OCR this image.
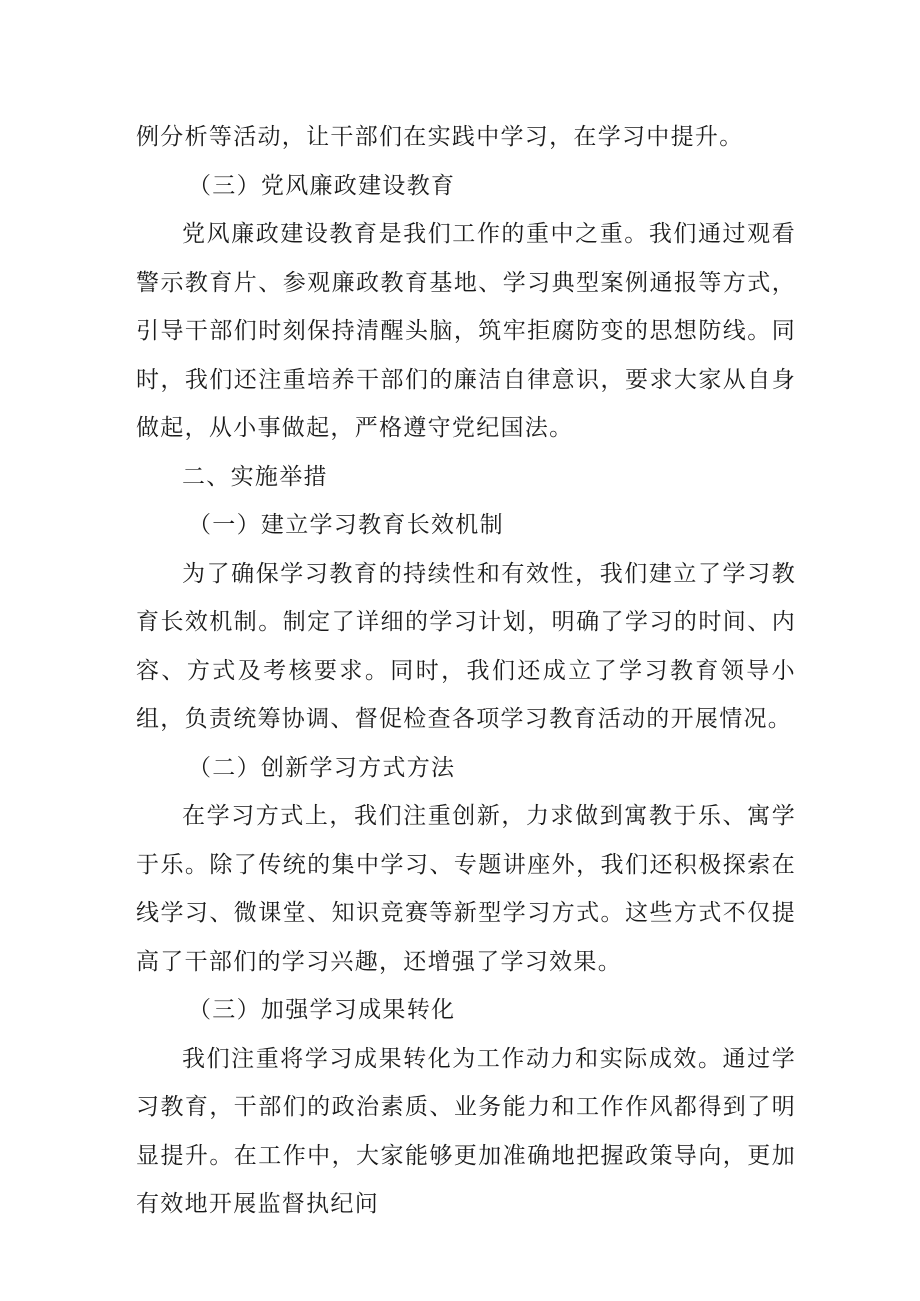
例分析等活动，让干部们在实践中学习，在学习中提升。
（三）党风廉政建设教育

党风廉政建设教育是我们工作的重中之重。我们通过观看警示教育片、参观廉政教育基地、学习典型案例通报等方式，引导干部们时刻保持清醒头脑，筑牢拒腐防变的思想防线。同时，我们还注重培养干部们的廉洁自律意识，要求大家从自身做起，从小事做起，严格遵守党纪国法。

二、实施举措
（一）建立学习教育长效机制

为了确保学习教育的持续性和有效性，我们建立了学习教育长效机制。制定了详细的学习计划，明确了学习的时间、内容、方式及考核要求。同时，我们还成立了学习教育领导小组，负责统筹协调、督促检查各项学习教育活动的开展情况。

（二）创新学习方式方法

在学习方式上，我们注重创新，力求做到寓教于乐、寓学于乐。除了传统的集中学习、专题讲座外，我们还积极探索在线学习、微课堂、知识竞赛等新型学习方式。这些方式不仅提高了干部们的学习兴趣，还增强了学习效果。

（三）加强学习成果转化

我们注重将学习成果转化为工作动力和实际成效。通过学习教育，干部们的政治素质、业务能力和工作作风都得到了明显提升。在工作中，大家能够更加准确地把握政策导向，更加有效地开展监督执纪问
